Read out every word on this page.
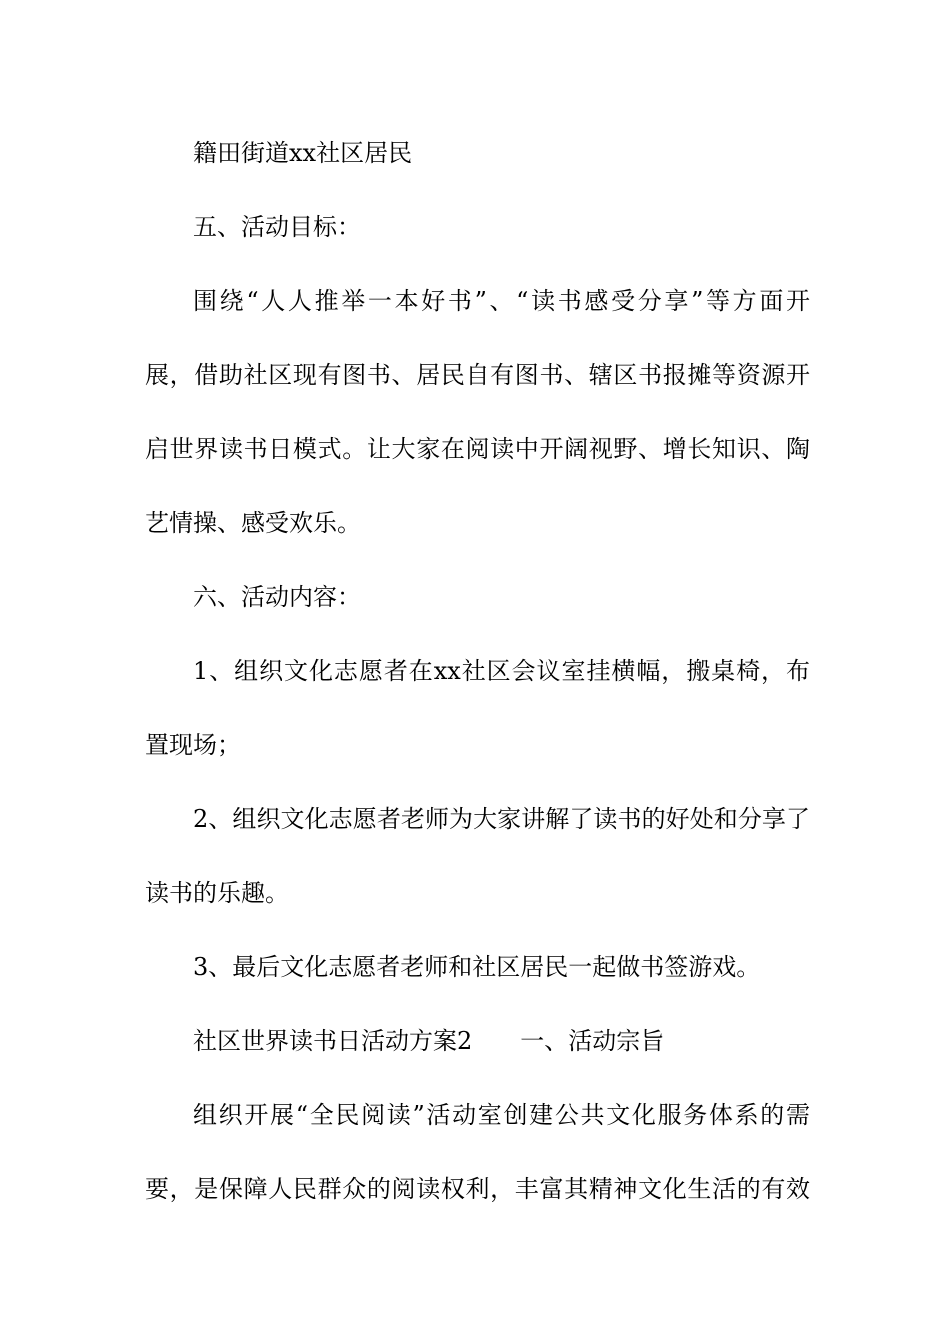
籍田街道xx社区居民
五、活动目标：
围绕“人人推举一本好书”、“读书感受分享”等方面开
展，借助社区现有图书、居民自有图书、辖区书报摊等资源开
启世界读书日模式。让大家在阅读中开阔视野、增长知识、陶
艺情操、感受欢乐。
六、活动内容：
1、组织文化志愿者在xx社区会议室挂横幅，搬桌椅，布
置现场；
2、组织文化志愿者老师为大家讲解了读书的好处和分享了
读书的乐趣。
3、最后文化志愿者老师和社区居民一起做书签游戏。
社区世界读书日活动方案2　　一、活动宗旨
组织开展“全民阅读”活动室创建公共文化服务体系的需
要，是保障人民群众的阅读权利，丰富其精神文化生活的有效
